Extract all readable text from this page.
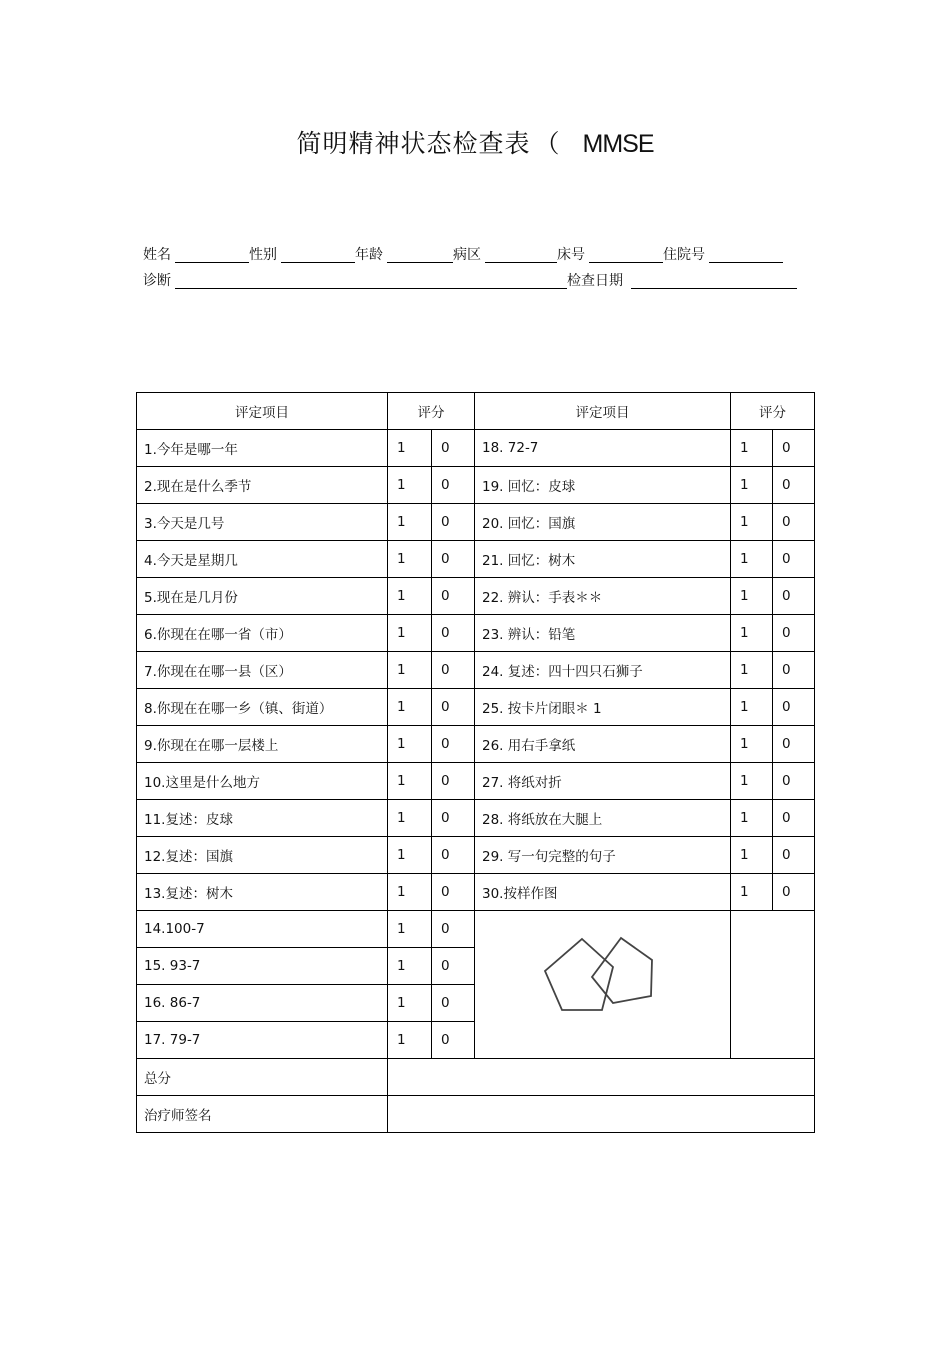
简明精神状态检查表 （ MMSE
姓名	性别	年龄	病区	床号	住院号
诊断	检查日期
评定项目	评分		评定项目	评分	
1.今年是哪一年	1	0	18. 72-7	1	0
2.现在是什么季节	1	0	19. 回忆：皮球	1	0
3.今天是几号	1	0	20. 回忆：国旗	1	0
4.今天是星期几	1	0	21. 回忆：树木	1	0
5.现在是几月份	1	0	22. 辨认：手表＊＊	1	0
6.你现在在哪一省（市）	1	0	23. 辨认：铅笔	1	0
7.你现在在哪一县（区）	1	0	24. 复述：四十四只石狮子	1	0
8.你现在在哪一乡（镇、街道）	1	0	25. 按卡片闭眼＊ 1	1	0
9.你现在在哪一层楼上	1	0	26. 用右手拿纸	1	0
10.这里是什么地方	1	0	27. 将纸对折	1	0
11.复述：皮球	1	0	28. 将纸放在大腿上	1	0
12.复述：国旗	1	0	29. 写一句完整的句子	1	0
13.复述：树木	1	0	30.按样作图	1	0
14.100-7	1	0		
15. 93-7	1	0			
16. 86-7	1	0			
17. 79-7	1	0			
总分					
治疗师签名					
